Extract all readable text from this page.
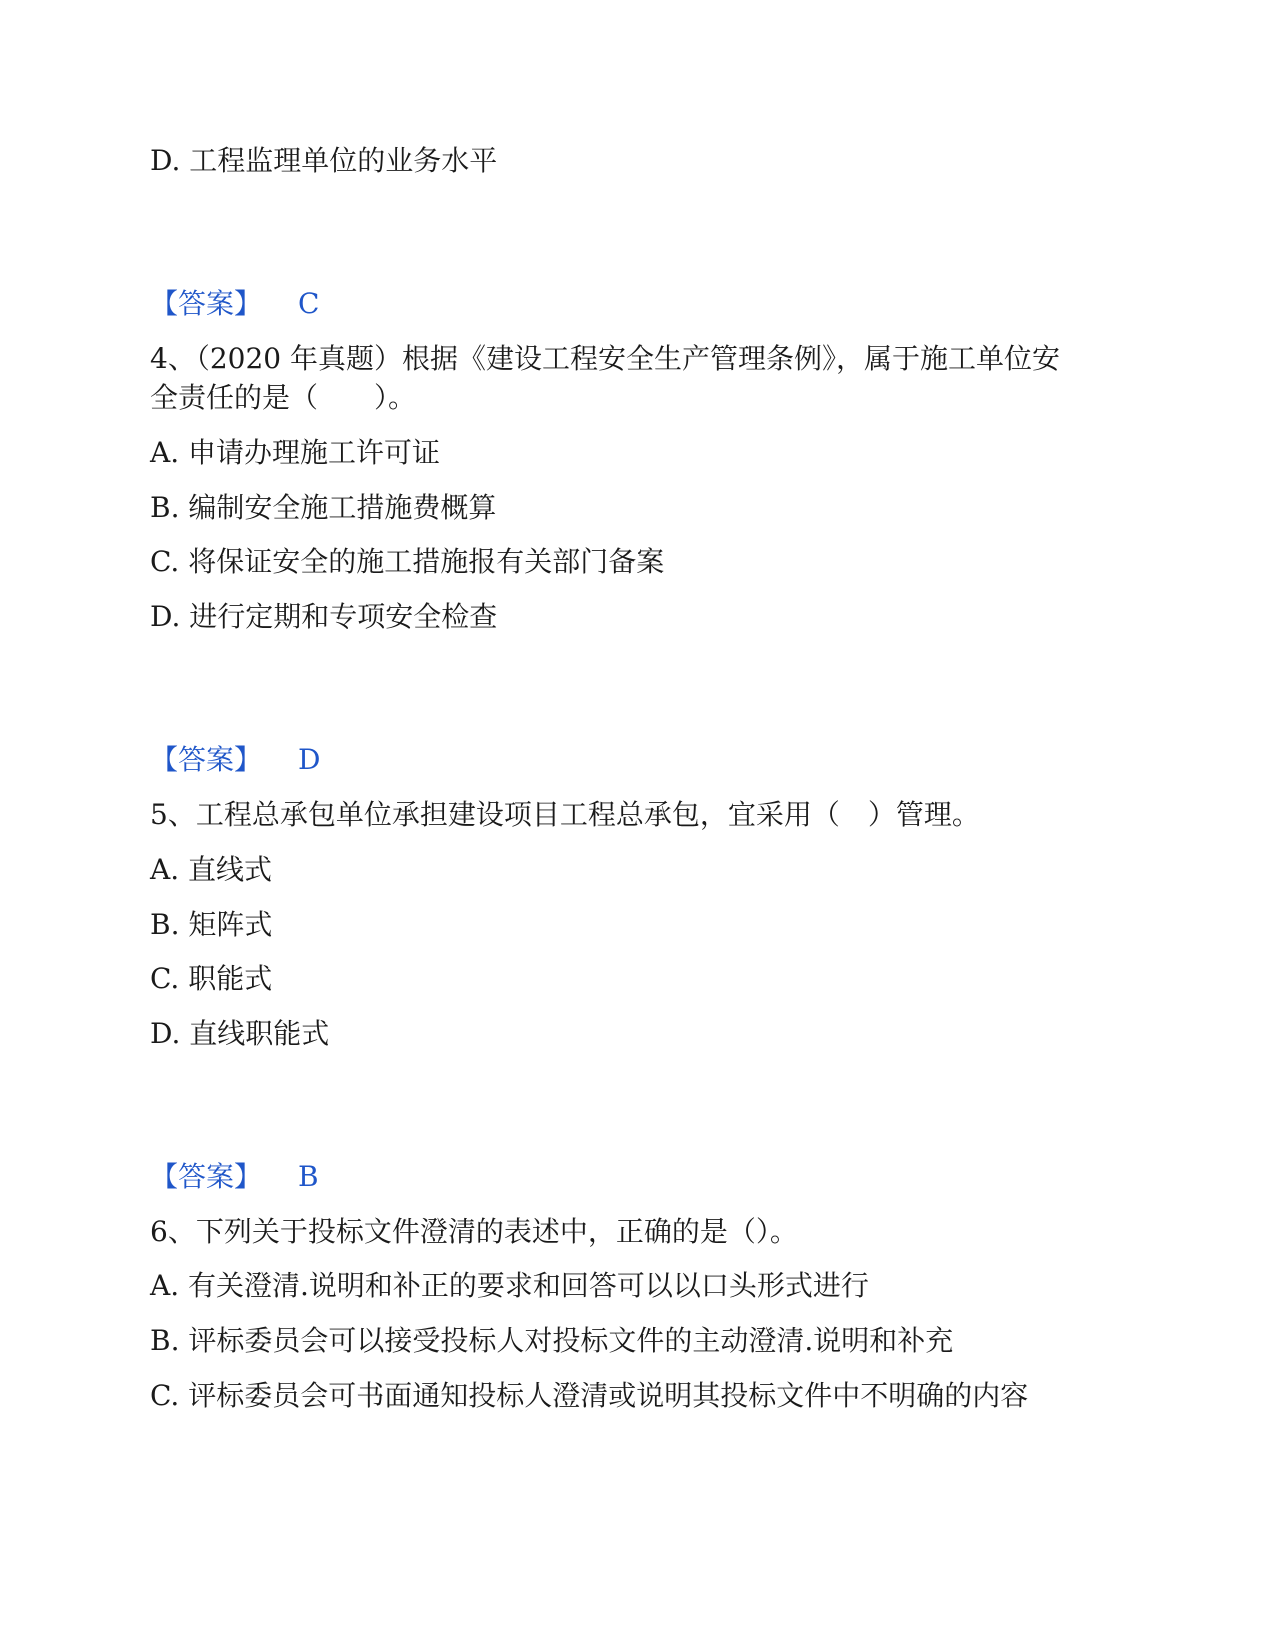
D. 工程监理单位的业务水平
【答案】 C
4、（2020 年真题）根据《建设工程安全生产管理条例》，属于施工单位安
全责任的是（　　）。
A. 申请办理施工许可证
B. 编制安全施工措施费概算
C. 将保证安全的施工措施报有关部门备案
D. 进行定期和专项安全检查
【答案】 D
5、工程总承包单位承担建设项目工程总承包，宜采用（　）管理。
A. 直线式
B. 矩阵式
C. 职能式
D. 直线职能式
【答案】 B
6、下列关于投标文件澄清的表述中，正确的是（）。
A. 有关澄清.说明和补正的要求和回答可以以口头形式进行
B. 评标委员会可以接受投标人对投标文件的主动澄清.说明和补充
C. 评标委员会可书面通知投标人澄清或说明其投标文件中不明确的内容
